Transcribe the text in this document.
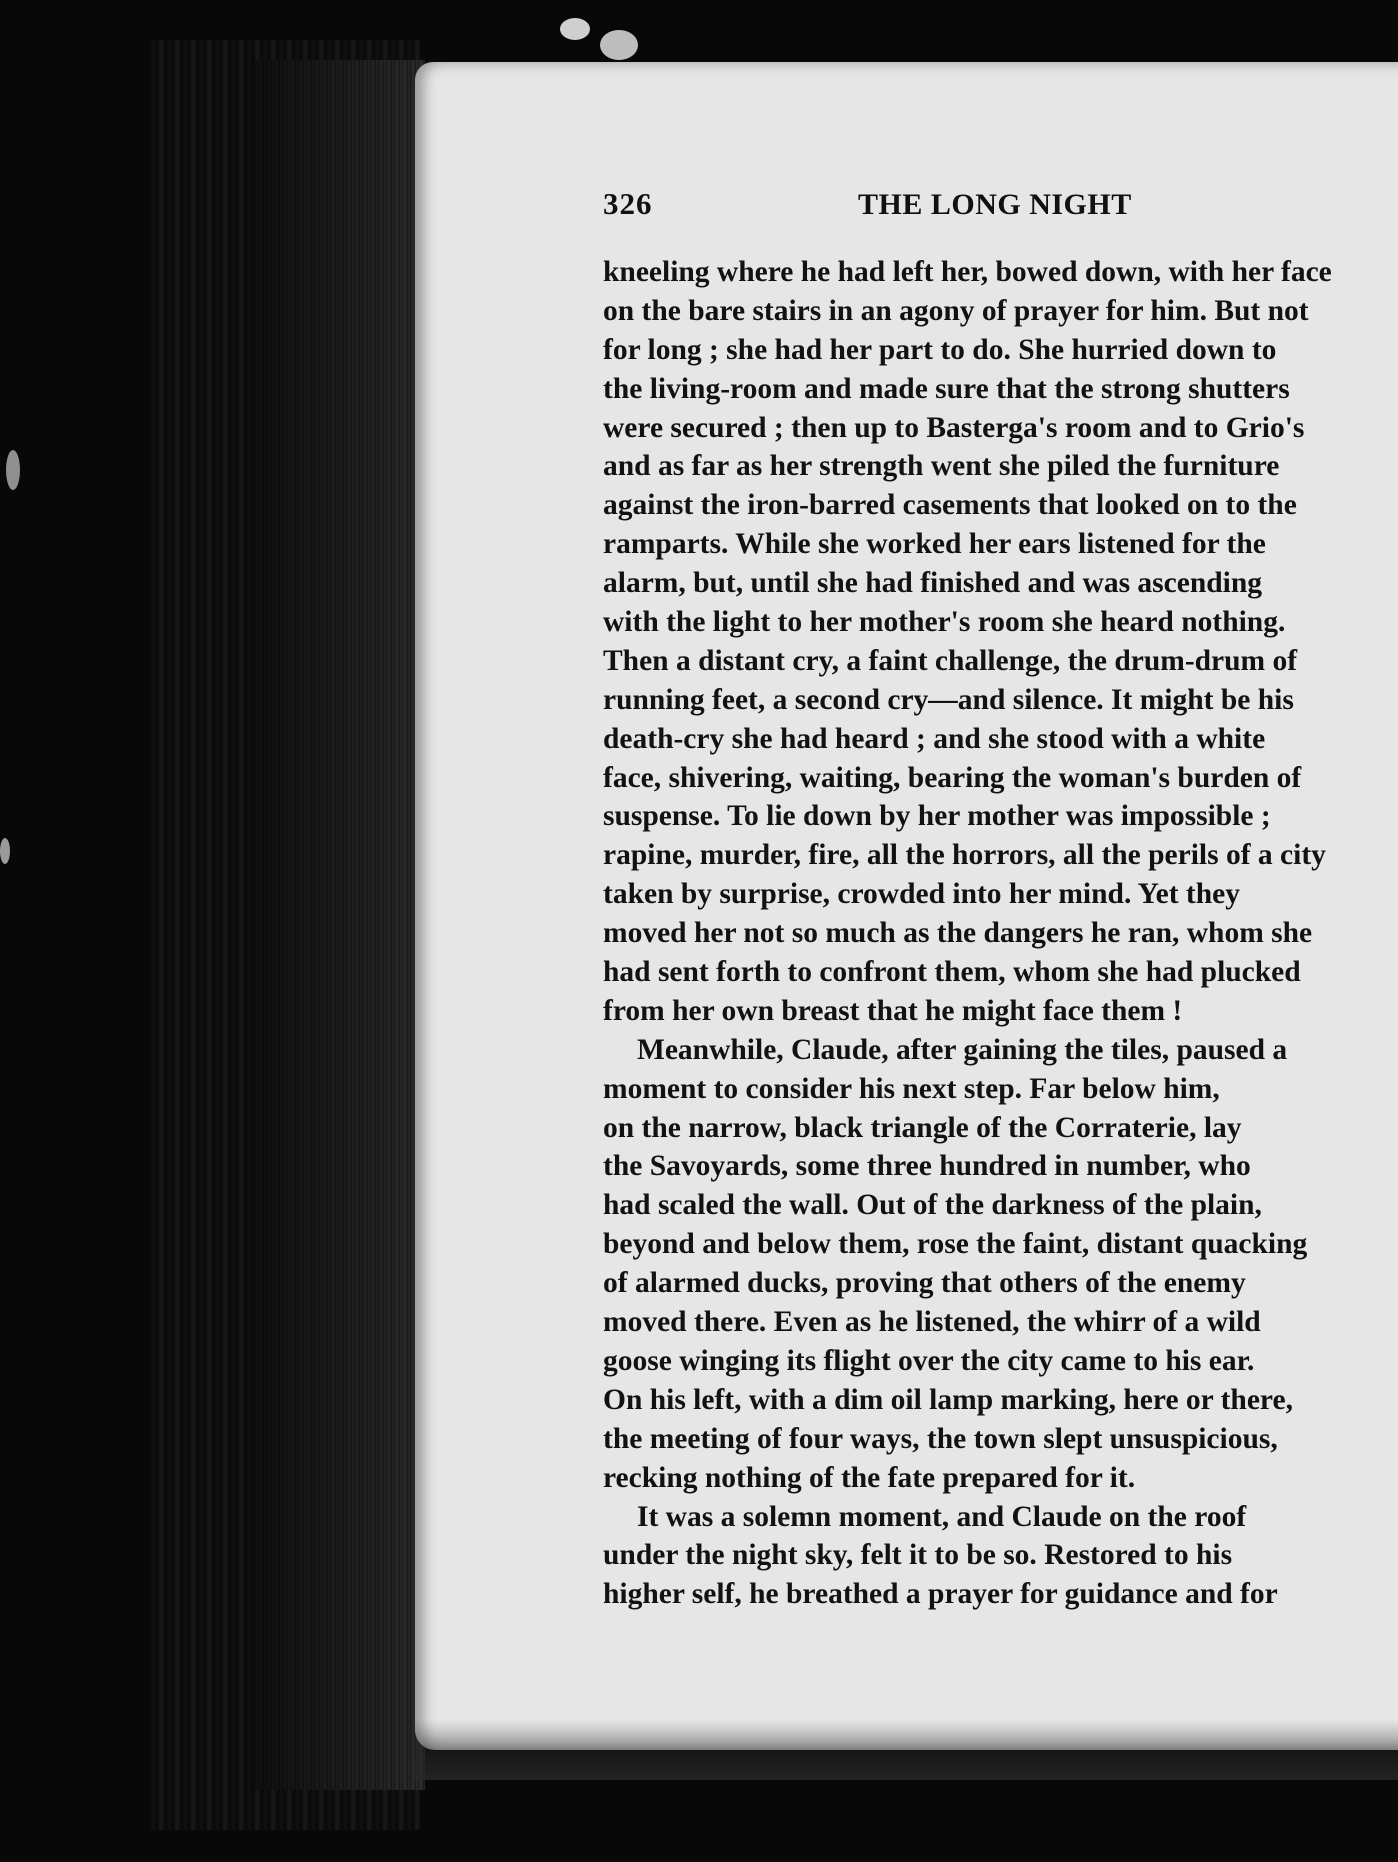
326	THE LONG NIGHT
kneeling where he had left her, bowed down, with her face
on the bare stairs in an agony of prayer for him. But not
for long ; she had her part to do. She hurried down to
the living-room and made sure that the strong shutters
were secured ; then up to Basterga's room and to Grio's
and as far as her strength went she piled the furniture
against the iron-barred casements that looked on to the
ramparts. While she worked her ears listened for the
alarm, but, until she had finished and was ascending
with the light to her mother's room she heard nothing.
Then a distant cry, a faint challenge, the drum-drum of
running feet, a second cry—and silence. It might be his
death-cry she had heard ; and she stood with a white
face, shivering, waiting, bearing the woman's burden of
suspense. To lie down by her mother was impossible ;
rapine, murder, fire, all the horrors, all the perils of a city
taken by surprise, crowded into her mind. Yet they
moved her not so much as the dangers he ran, whom she
had sent forth to confront them, whom she had plucked
from her own breast that he might face them !
Meanwhile, Claude, after gaining the tiles, paused a
moment to consider his next step. Far below him,
on the narrow, black triangle of the Corraterie, lay
the Savoyards, some three hundred in number, who
had scaled the wall. Out of the darkness of the plain,
beyond and below them, rose the faint, distant quacking
of alarmed ducks, proving that others of the enemy
moved there. Even as he listened, the whirr of a wild
goose winging its flight over the city came to his ear.
On his left, with a dim oil lamp marking, here or there,
the meeting of four ways, the town slept unsuspicious,
recking nothing of the fate prepared for it.
It was a solemn moment, and Claude on the roof
under the night sky, felt it to be so. Restored to his
higher self, he breathed a prayer for guidance and for
